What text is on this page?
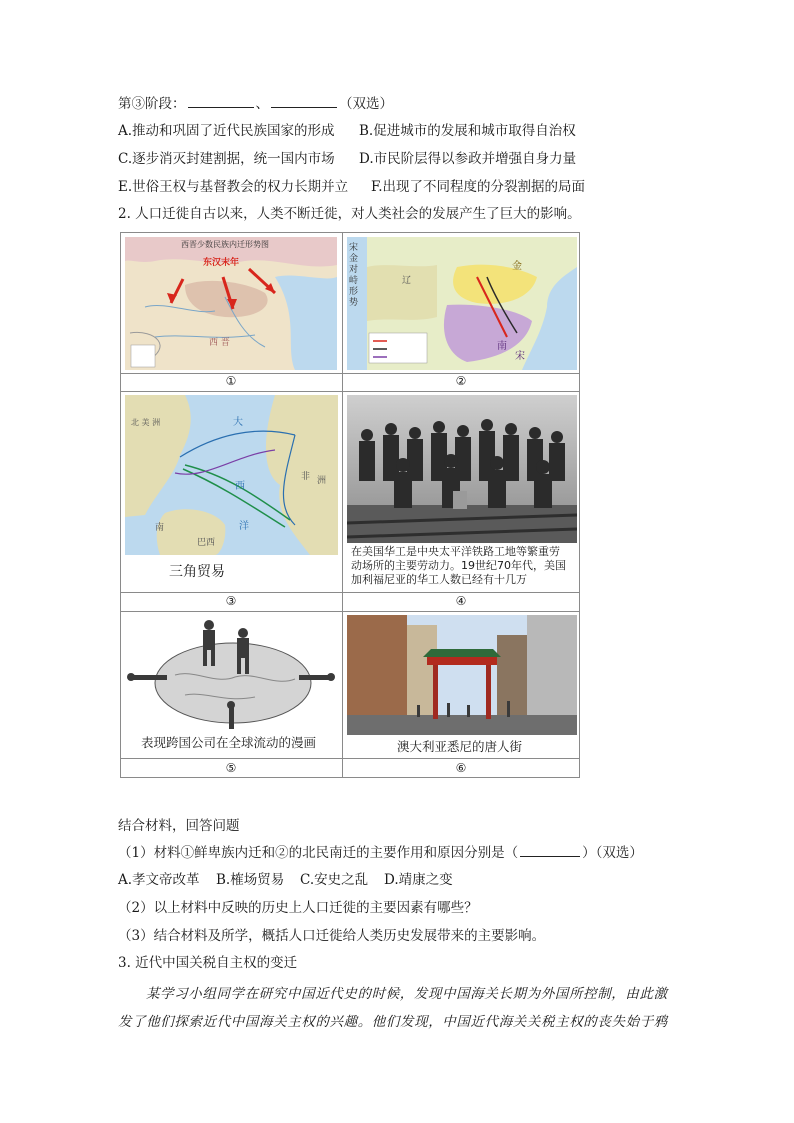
第③阶段：	、	（双选）
A.推动和巩固了近代民族国家的形成 B.促进城市的发展和城市取得自治权
C.逐步消灭封建割据，统一国内市场 D.市民阶层得以参政并增强自身力量
E.世俗王权与基督教会的权力长期并立 F.出现了不同程度的分裂割据的局面
2. 人口迁徙自古以来，人类不断迁徙，对人类社会的发展产生了巨大的影响。
西晋少数民族内迁形势图
东汉末年
西 晋
①
宋金对峙形势
金
辽
南
宋
②
大
西
洋
北 美 洲
非 洲
南
巴西
三角贸易
③
在美国华工是中央太平洋铁路工地等繁重劳动场所的主要劳动力。19世纪70年代，美国加利福尼亚的华工人数已经有十几万
④
表现跨国公司在全球流动的漫画
⑤
澳大利亚悉尼的唐人街
⑥
结合材料，回答问题
（1）材料①鲜卑族内迁和②的北民南迁的主要作用和原因分别是（	）（双选）
A.孝文帝改革 B.榷场贸易 C.安史之乱 D.靖康之变
（2）以上材料中反映的历史上人口迁徙的主要因素有哪些？
（3）结合材料及所学，概括人口迁徙给人类历史发展带来的主要影响。
3. 近代中国关税自主权的变迁
某学习小组同学在研究中国近代史的时候，发现中国海关长期为外国所控制，由此激
发了他们探索近代中国海关主权的兴趣。他们发现，中国近代海关关税主权的丧失始于鸦
